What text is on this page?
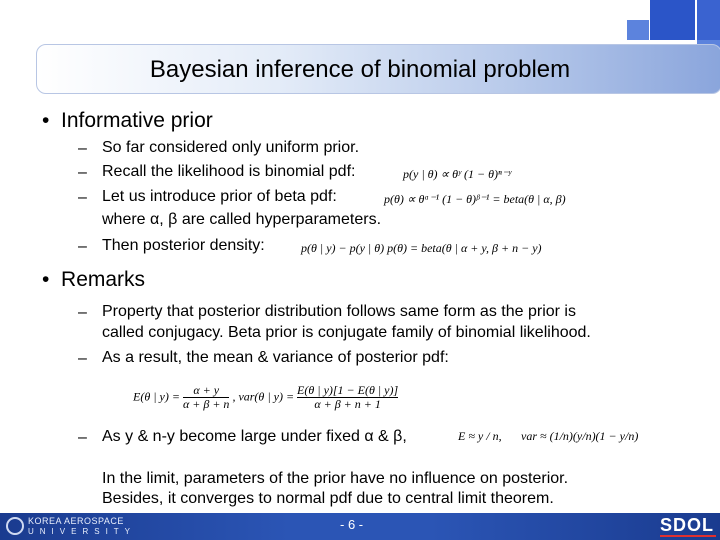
Bayesian inference of binomial problem
•  Informative prior
– So far considered only uniform prior.
– Recall the likelihood is binomial pdf:
– Let us introduce prior of beta pdf:
where α, β are called hyperparameters.
– Then posterior density:
p(y | θ) ∝ θʸ (1 − θ)ⁿ⁻ʸ
p(θ) ∝ θᵅ⁻¹ (1 − θ)ᵝ⁻¹ = beta(θ | α, β)
p(θ | y) − p(y | θ) p(θ) = beta(θ | α + y, β + n − y)
•  Remarks
– Property that posterior distribution follows same form as the prior is
called conjugacy. Beta prior is conjugate family of binomial likelihood.
– As a result, the mean & variance of posterior pdf:
E(θ | $y) = \frac{\alpha + y}{\alpha + \beta + n}$ , var(θ | $y) = \frac{E(\theta | y)[1 - E(\theta | y)]}{\alpha + \beta + n + 1}$
– As y & n-y become large under fixed α & β,	E ≈ y / n, var ≈ (1/n)(y/n)(1 − y/n)
In the limit, parameters of the prior have no influence on posterior.
Besides, it converges to normal pdf due to central limit theorem.
KOREA AEROSPACE
UNIVERSITY	- 6 -	SDOL
